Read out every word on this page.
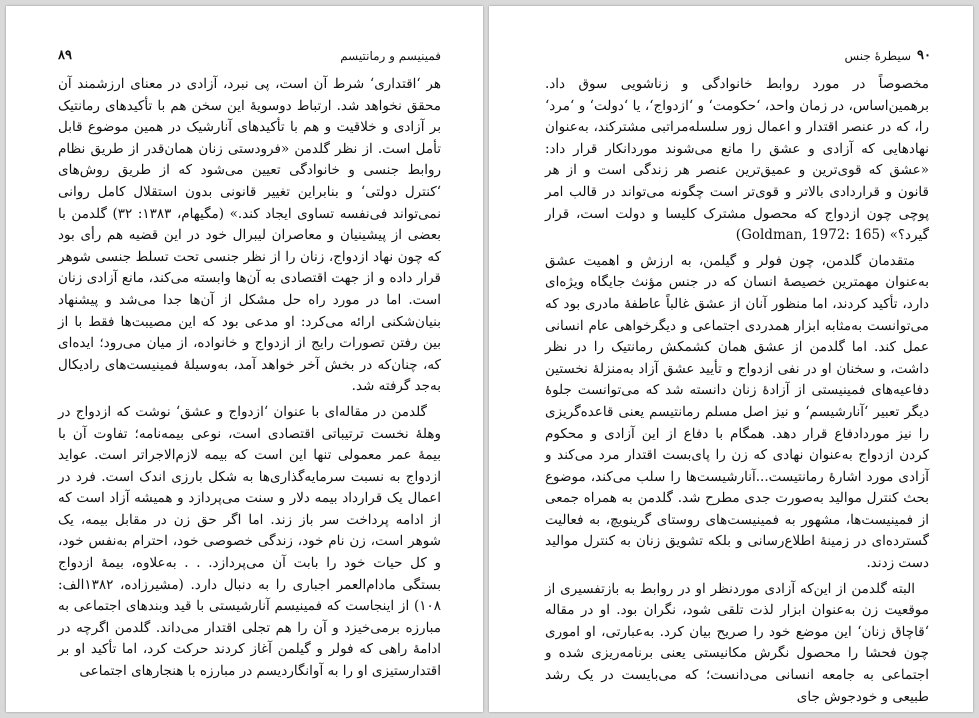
فمینیسم و رمانتیسم
۸۹

هر ‘اقتداری‘ شرط آن است، پی نبرد، آزادی در معنای ارزشمند آن محقق نخواهد شد. ارتباط دوسویهٔ این سخن هم با تأکیدهای رمانتیک بر آزادی و خلاقیت و هم با تأکیدهای آنارشیک در همین موضوع قابل تأمل است. از نظر گلدمن «فرودستی زنان همان‌قدر از طریق نظام روابط جنسی و خانوادگی تعیین می‌شود که از طریق روش‌های ‘کنترل دولتی‘ و بنابراین تغییر قانونی بدون استقلال کامل روانی نمی‌تواند فی‌نفسه تساوی ایجاد کند.» (مگیهام، ۱۳۸۳: ۳۲) گلدمن با بعضی از پیشینیان و معاصران لیبرال خود در این قضیه هم رأی بود که چون نهاد ازدواج، زنان را از نظر جنسی تحت تسلط جنسی شوهر قرار داده و از جهت اقتصادی به آن‌ها وابسته می‌کند، مانع آزادی زنان است. اما در مورد راه حل مشکل از آن‌ها جدا می‌شد و پیشنهاد بنیان‌شکنی ارائه می‌کرد: او مدعی بود که این مصیبت‌ها فقط با از بین رفتن تصورات رایج از ازدواج و خانواده، از میان می‌رود؛ ایده‌ای که، چنان‌که در بخش آخر خواهد آمد، به‌وسیلهٔ فمینیست‌های رادیکال به‌جد گرفته شد.

گلدمن در مقاله‌ای با عنوان ‘ازدواج و عشق‘ نوشت که ازدواج در وهلهٔ نخست ترتیباتی اقتصادی است، نوعی بیمه‌نامه؛ تفاوت آن با بیمهٔ عمر معمولی تنها این است که بیمه لازم‌الاجراتر است. عواید ازدواج به نسبت سرمایه‌گذاری‌ها به شکل بارزی اندک است. فرد در اعمال یک قرارداد بیمه دلار و سنت می‌پردازد و همیشه آزاد است که از ادامه پرداخت سر باز زند. اما اگر حق زن در مقابل بیمه، یک شوهر است، زن نام خود، زندگی خصوصی خود، احترام به‌نفس خود، و کل حیات خود را بابت آن می‌پردازد. . . به‌علاوه، بیمهٔ ازدواج بستگی مادام‌العمر اجباری را به دنبال دارد. (مشیرزاده، ۱۳۸۲الف: ۱۰۸) از اینجاست که فمینیسم آنارشیستی با قید وبندهای اجتماعی به مبارزه برمی‌خیزد و آن را هم تجلی اقتدار می‌داند. گلدمن اگرچه در ادامهٔ راهی که فولر و گیلمن آغاز کردند حرکت کرد، اما تأکید او بر اقتدارستیزی او را به آوانگاردیسم در مبارزه با هنجارهای اجتماعی

۹۰
سیطرهٔ جنس

مخصوصاً در مورد روابط خانوادگی و زناشویی سوق داد. برهمین‌اساس، در زمان واحد، ‘حکومت‘ و ‘ازدواج‘، یا ‘دولت‘ و ‘مرد‘ را، که در عنصر اقتدار و اعمال زور سلسله‌مراتبی مشترکند، به‌عنوان نهادهایی که آزادی و عشق را مانع می‌شوند موردانکار قرار داد: «عشق که قوی‌ترین و عمیق‌ترین عنصر هر زندگی است و از هر قانون و قراردادی بالاتر و قوی‌تر است چگونه می‌تواند در قالب امر پوچی چون ازدواج که محصول مشترک کلیسا و دولت است، قرار گیرد؟» (Goldman, 1972: 165)

متقدمان گلدمن، چون فولر و گیلمن، به ارزش و اهمیت عشق به‌عنوان مهمترین خصیصهٔ انسان که در جنس مؤنث جایگاه ویژه‌ای دارد، تأکید کردند، اما منظور آنان از عشق غالباً عاطفهٔ مادری بود که می‌توانست به‌مثابه ابزار همدردی اجتماعی و دیگرخواهی عام انسانی عمل کند. اما گلدمن از عشق همان کشمکش رمانتیک را در نظر داشت، و سخنان او در نفی ازدواج و تأیید عشق آزاد به‌منزلهٔ نخستین دفاعیه‌های فمینیستی از آزادهٔ زنان دانسته شد که می‌توانست جلوهٔ دیگر تعبیر ‘آنارشیسم‘ و نیز اصل مسلم رمانتیسم یعنی قاعده‌گریزی را نیز موردادفاع قرار دهد. همگام با دفاع از این آزادی و محکوم کردن ازدواج به‌عنوان نهادی که زن را پای‌بست اقتدار مرد می‌کند و آزادی مورد اشارهٔ رمانتیست...آنارشیست‌ها را سلب می‌کند، موضوع بحث کنترل موالید به‌صورت جدی مطرح شد. گلدمن به همراه جمعی از فمینیست‌ها، مشهور به فمینیست‌های روستای گرینویچ، به فعالیت گسترده‌ای در زمینهٔ اطلاع‌رسانی و بلکه تشویق زنان به کنترل موالید دست زدند.

البته گلدمن از این‌که آزادی موردنظر او در روابط به بازتفسیری از موقعیت زن به‌عنوان ابزار لذت تلقی شود، نگران بود. او در مقاله ‘قاچاق زنان‘ این موضع خود را صریح بیان کرد. به‌عبارتی، او اموری چون فحشا را محصول نگرش مکانیستی یعنی برنامه‌ریزی شده و اجتماعی به جامعه انسانی می‌دانست؛ که می‌بایست در یک رشد طبیعی و خودجوش جای
